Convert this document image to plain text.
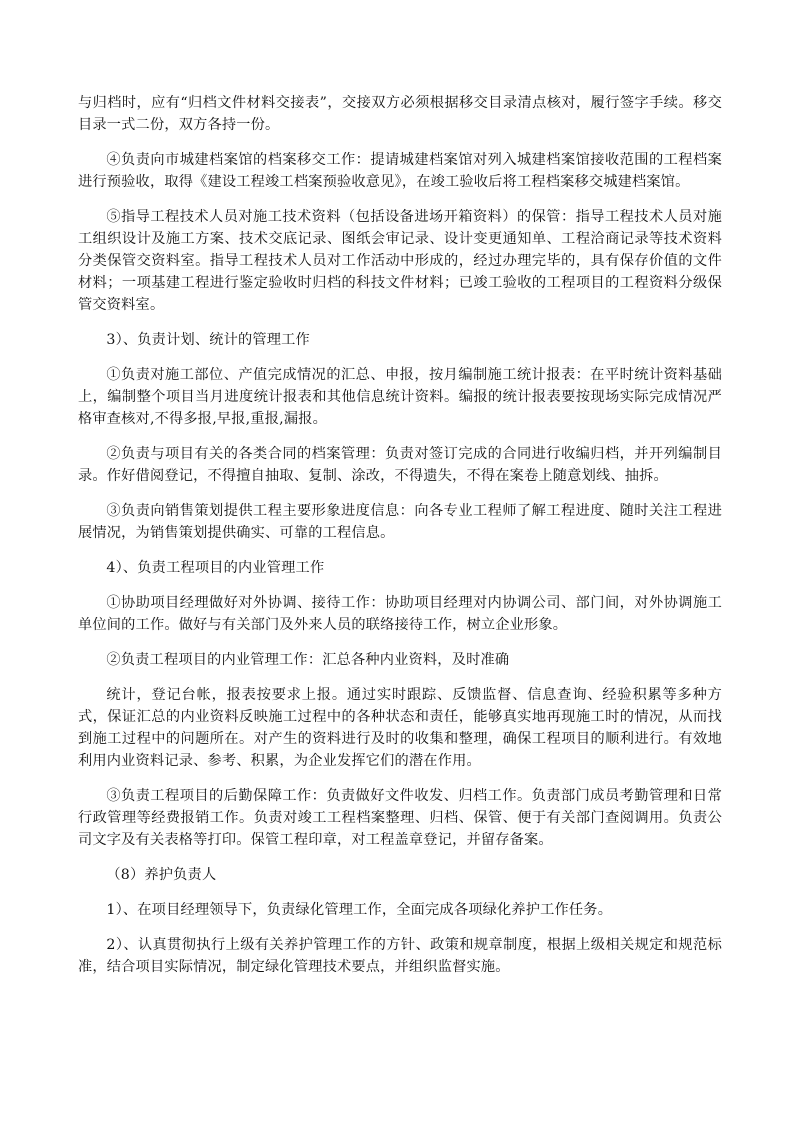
与归档时，应有“归档文件材料交接表”，交接双方必须根据移交目录清点核对，履行签字手续。移交目录一式二份，双方各持一份。

④负责向市城建档案馆的档案移交工作：提请城建档案馆对列入城建档案馆接收范围的工程档案进行预验收，取得《建设工程竣工档案预验收意见》，在竣工验收后将工程档案移交城建档案馆。

⑤指导工程技术人员对施工技术资料（包括设备进场开箱资料）的保管：指导工程技术人员对施工组织设计及施工方案、技术交底记录、图纸会审记录、设计变更通知单、工程洽商记录等技术资料分类保管交资料室。指导工程技术人员对工作活动中形成的，经过办理完毕的，具有保存价值的文件材料；一项基建工程进行鉴定验收时归档的科技文件材料；已竣工验收的工程项目的工程资料分级保管交资料室。

3）、负责计划、统计的管理工作

①负责对施工部位、产值完成情况的汇总、申报，按月编制施工统计报表：在平时统计资料基础上，编制整个项目当月进度统计报表和其他信息统计资料。编报的统计报表要按现场实际完成情况严格审查核对,不得多报,早报,重报,漏报。

②负责与项目有关的各类合同的档案管理：负责对签订完成的合同进行收编归档，并开列编制目录。作好借阅登记，不得擅自抽取、复制、涂改，不得遗失，不得在案卷上随意划线、抽拆。

③负责向销售策划提供工程主要形象进度信息：向各专业工程师了解工程进度、随时关注工程进展情况，为销售策划提供确实、可靠的工程信息。

4）、负责工程项目的内业管理工作

①协助项目经理做好对外协调、接待工作：协助项目经理对内协调公司、部门间，对外协调施工单位间的工作。做好与有关部门及外来人员的联络接待工作，树立企业形象。

②负责工程项目的内业管理工作：汇总各种内业资料，及时准确

统计，登记台帐，报表按要求上报。通过实时跟踪、反馈监督、信息查询、经验积累等多种方式，保证汇总的内业资料反映施工过程中的各种状态和责任，能够真实地再现施工时的情况，从而找到施工过程中的问题所在。对产生的资料进行及时的收集和整理，确保工程项目的顺利进行。有效地利用内业资料记录、参考、积累，为企业发挥它们的潜在作用。

③负责工程项目的后勤保障工作：负责做好文件收发、归档工作。负责部门成员考勤管理和日常行政管理等经费报销工作。负责对竣工工程档案整理、归档、保管、便于有关部门查阅调用。负责公司文字及有关表格等打印。保管工程印章，对工程盖章登记，并留存备案。

（8）养护负责人

1）、在项目经理领导下，负责绿化管理工作，全面完成各项绿化养护工作任务。

2）、认真贯彻执行上级有关养护管理工作的方针、政策和规章制度，根据上级相关规定和规范标准，结合项目实际情况，制定绿化管理技术要点，并组织监督实施。
